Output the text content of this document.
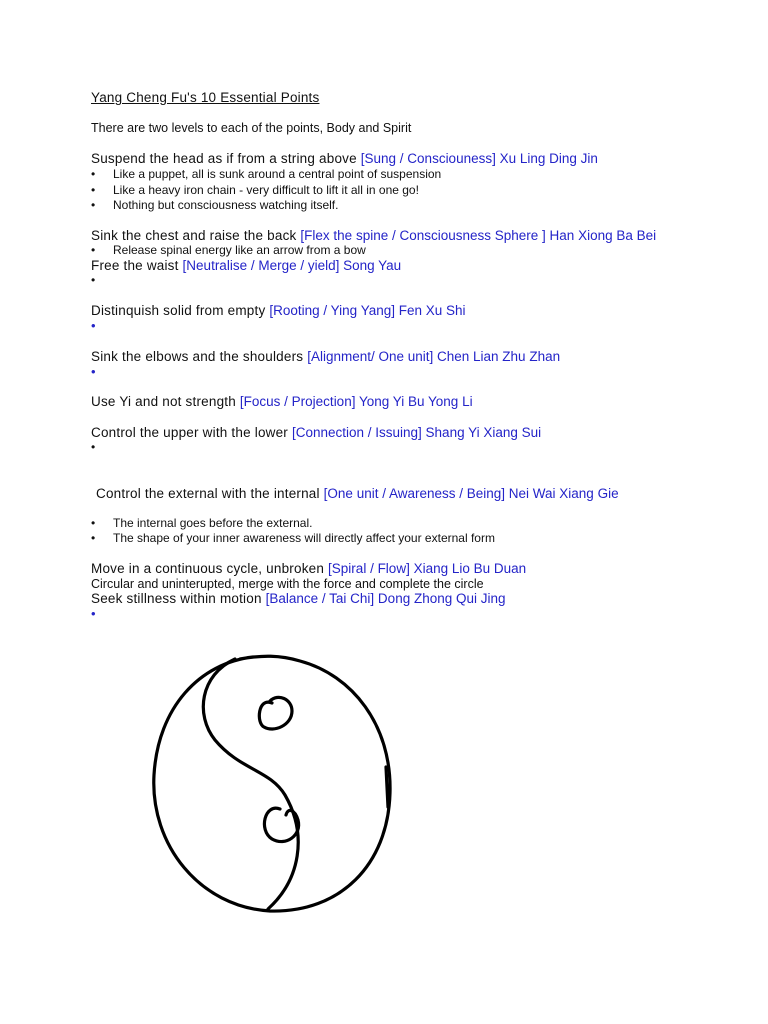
Yang Cheng Fu's 10 Essential Points
There are two levels to each of the points, Body and Spirit
Suspend the head as if from a string above [Sung / Consciouness] Xu Ling Ding Jin
• Like a puppet, all is sunk around a central point of suspension
• Like a heavy iron chain - very difficult to lift it all in one go!
• Nothing but consciousness watching itself.
Sink the chest and raise the back [Flex the spine / Consciousness Sphere ] Han Xiong Ba Bei
• Release spinal energy like an arrow from a bow
Free the waist [Neutralise / Merge / yield] Song Yau
•
Distinquish solid from empty [Rooting / Ying Yang] Fen Xu Shi
•
Sink the elbows and the shoulders [Alignment/ One unit] Chen Lian Zhu Zhan
•
Use Yi and not strength [Focus / Projection] Yong Yi Bu Yong Li
Control the upper with the lower [Connection / Issuing] Shang Yi Xiang Sui
•
Control the external with the internal [One unit / Awareness / Being] Nei Wai Xiang Gie
• The internal goes before the external.
• The shape of your inner awareness will directly affect your external form
Move in a continuous cycle, unbroken [Spiral / Flow] Xiang Lio Bu Duan
Circular and uninterupted, merge with the force and complete the circle
Seek stillness within motion [Balance / Tai Chi] Dong Zhong Qui Jing
•
